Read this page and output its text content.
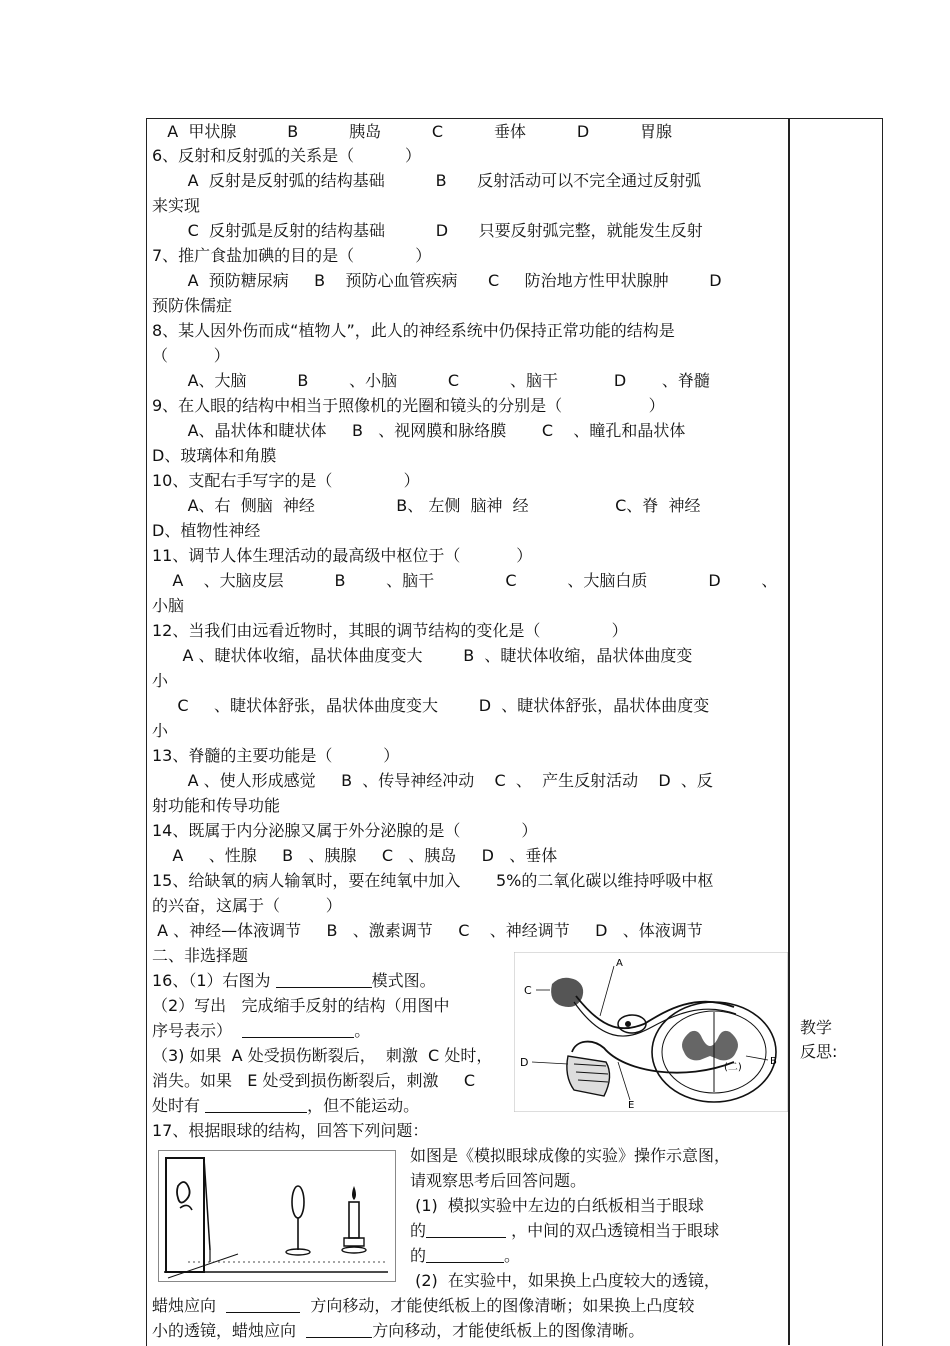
A  甲状腺          B          胰岛          C          垂体          D          胃腺
6、反射和反射弧的关系是（          ）
A  反射是反射弧的结构基础          B      反射活动可以不完全通过反射弧
来实现
C  反射弧是反射的结构基础          D      只要反射弧完整，就能发生反射
7、推广食盐加碘的目的是（            ）
A  预防糖尿病     B    预防心血管疾病      C     防治地方性甲状腺肿        D
预防侏儒症
8、某人因外伤而成“植物人”，此人的神经系统中仍保持正常功能的结构是
（         ）
A、大脑          B        、小脑          C          、脑干           D       、脊髓
9、在人眼的结构中相当于照像机的光圈和镜头的分别是（                 ）
A、晶状体和睫状体     B   、视网膜和脉络膜       C    、瞳孔和晶状体
D、玻璃体和角膜
10、支配右手写字的是（              ）
A、右  侧脑  神经                B、 左侧  脑神  经                 C、脊  神经
D、植物性神经
11、调节人体生理活动的最高级中枢位于（           ）
A    、大脑皮层          B        、脑干              C          、大脑白质            D        、
小脑
12、当我们由远看近物时，其眼的调节结构的变化是（              ）
A 、睫状体收缩，晶状体曲度变大        B  、睫状体收缩，晶状体曲度变
小
C     、睫状体舒张，晶状体曲度变大        D  、睫状体舒张，晶状体曲度变
小
13、脊髓的主要功能是（          ）
A 、使人形成感觉     B  、传导神经冲动    C  、  产生反射活动    D  、反
射功能和传导功能
14、既属于内分泌腺又属于外分泌腺的是（            ）
A     、性腺     B   、胰腺     C   、胰岛     D   、垂体
15、给缺氧的病人输氧时，要在纯氧中加入       5%的二氧化碳以维持呼吸中枢
的兴奋，这属于（         ）
A 、神经—体液调节     B   、激素调节     C    、神经调节     D   、体液调节
二、非选择题
教学
反思:
16、（1）右图为	模式图。
（2）写出   完成缩手反射的结构（用图中
序号表示）	。
（3) 如果  A 处受损伤断裂后，  刺激  C 处时，
消失。如果   E 处受到损伤断裂后，刺激     C
处时有	，但不能运动。
(二)
A
C
D
E
B
17、根据眼球的结构，回答下列问题：
如图是《模拟眼球成像的实验》操作示意图，
请观察思考后回答问题。
(1)  模拟实验中左边的白纸板相当于眼球
的	，中间的双凸透镜相当于眼球
的	。
(2)  在实验中，如果换上凸度较大的透镜，
蜡烛应向	方向移动，才能使纸板上的图像清晰；如果换上凸度较
小的透镜，蜡烛应向	方向移动，才能使纸板上的图像清晰。
